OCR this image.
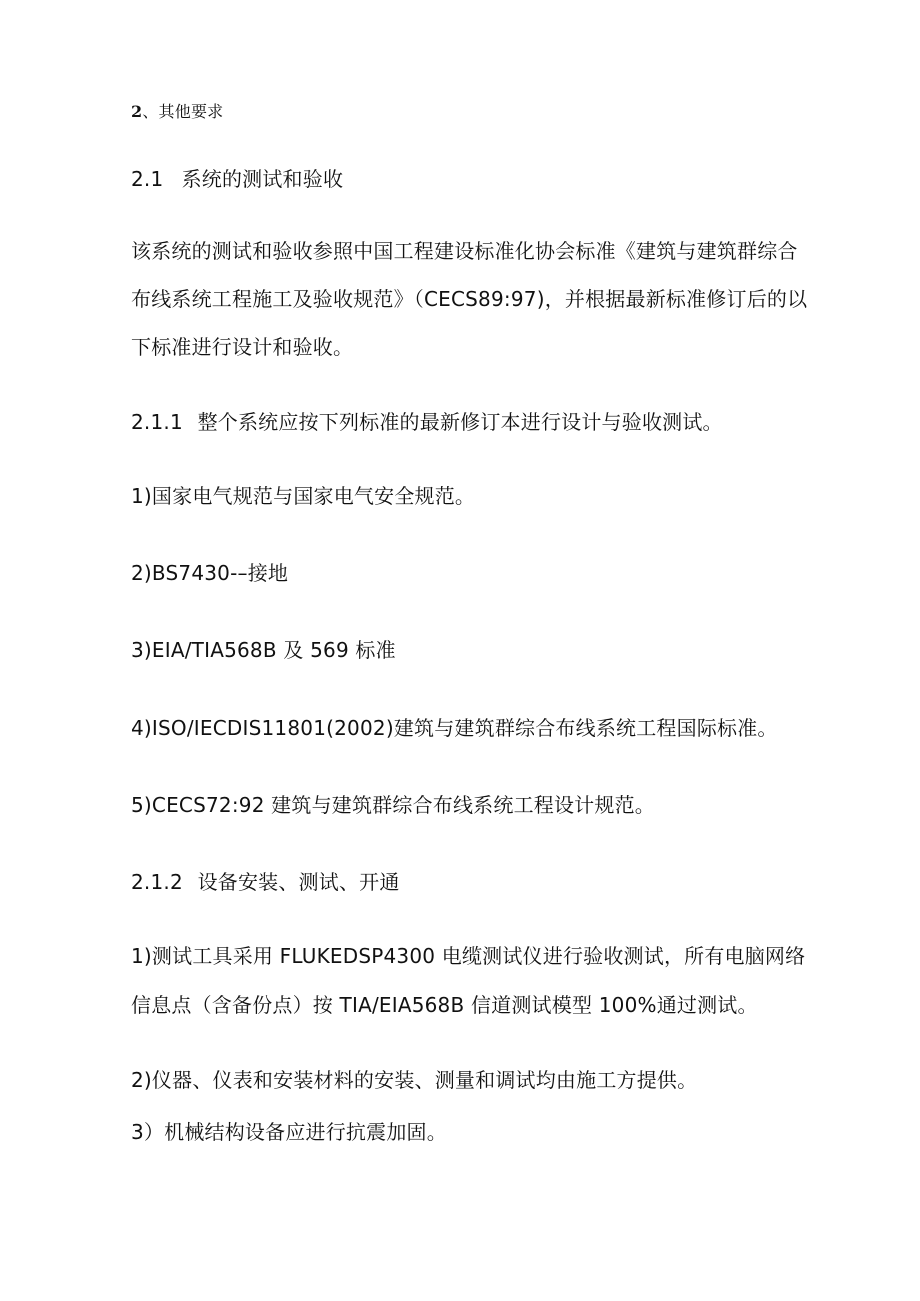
2、其他要求
2.1 系统的测试和验收
该系统的测试和验收参照中国工程建设标准化协会标准《建筑与建筑群综合
布线系统工程施工及验收规范》（CECS89:97)，并根据最新标准修订后的以
下标准进行设计和验收。
2.1.1 整个系统应按下列标准的最新修订本进行设计与验收测试。
1)国家电气规范与国家电气安全规范。
2)BS7430-–接地
3)EIA/TIA568B 及 569 标准
4)ISO/IECDIS11801(2002)建筑与建筑群综合布线系统工程国际标准。
5)CECS72:92 建筑与建筑群综合布线系统工程设计规范。
2.1.2 设备安装、测试、开通
1)测试工具采用 FLUKEDSP4300 电缆测试仪进行验收测试，所有电脑网络
信息点（含备份点）按 TIA/EIA568B 信道测试模型 100%通过测试。
2)仪器、仪表和安装材料的安装、测量和调试均由施工方提供。
3）机械结构设备应进行抗震加固。
